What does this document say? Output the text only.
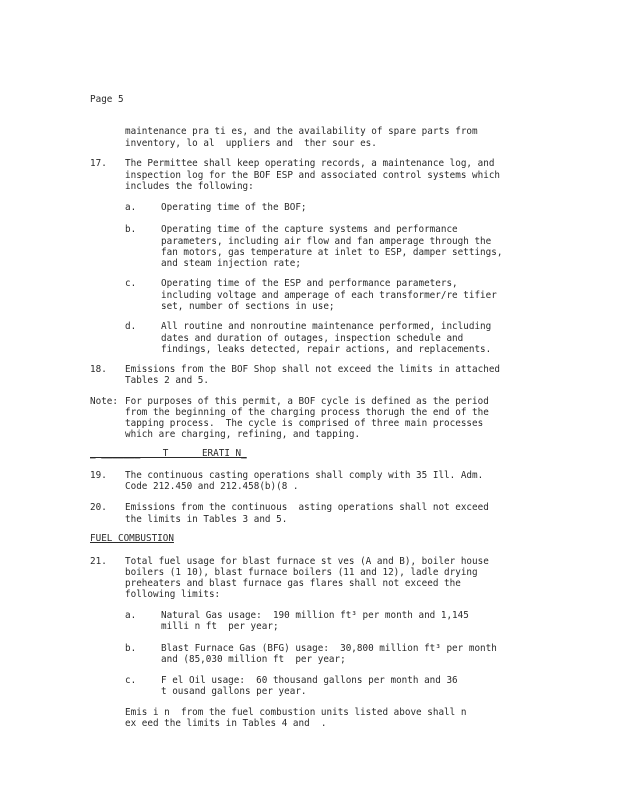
Page 5
maintenance pra ti es, and the availability of spare parts from
inventory, lo al  uppliers and  ther sour es.
17. The Permittee shall keep operating records, a maintenance log, and
inspection log for the BOF ESP and associated control systems which
includes the following:
a.	Operating time of the BOF;
b.	Operating time of the capture systems and performance
parameters, including air flow and fan amperage through the
fan motors, gas temperature at inlet to ESP, damper settings,
and steam injection rate;
c.	Operating time of the ESP and performance parameters,
including voltage and amperage of each transformer/re tifier
set, number of sections in use;
d.	All routine and nonroutine maintenance performed, including
dates and duration of outages, inspection schedule and
findings, leaks detected, repair actions, and replacements.
18. Emissions from the BOF Shop shall not exceed the limits in attached
Tables 2 and 5.
Note: For purposes of this permit, a BOF cycle is defined as the period
from the beginning of the charging process thorugh the end of the
tapping process.  The cycle is comprised of three main processes
which are charging, refining, and tapping.
_ _______    T      ERATI N_
19. The continuous casting operations shall comply with 35 Ill. Adm.
Code 212.450 and 212.458(b)(8 .
20. Emissions from the continuous  asting operations shall not exceed
the limits in Tables 3 and 5.
FUEL COMBUSTION
21. Total fuel usage for blast furnace st ves (A and B), boiler house
boilers (1 10), blast furnace boilers (11 and 12), ladle drying
preheaters and blast furnace gas flares shall not exceed the
following limits:
a.	Natural Gas usage:  190 million ft³ per month and 1,145
milli n ft  per year;
b.	Blast Furnace Gas (BFG) usage:  30,800 million ft³ per month
and (85,030 million ft  per year;
c.	F el Oil usage:  60 thousand gallons per month and 36
t ousand gallons per year.
Emis i n  from the fuel combustion units listed above shall n
ex eed the limits in Tables 4 and  .
